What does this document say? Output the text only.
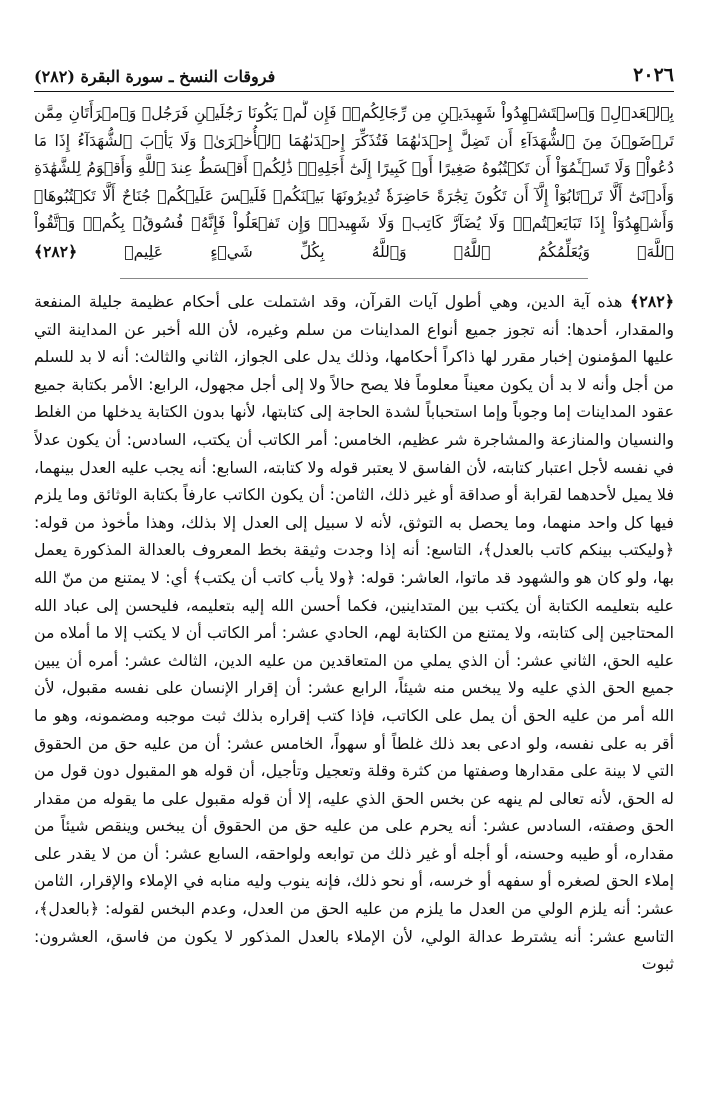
٢٠٢٦
فروقات النسخ ـ سورة البقرة (٢٨٢)
بِٱلۡعَدۡلِۚ وَٱسۡتَشۡهِدُواْ شَهِيدَيۡنِ مِن رِّجَالِكُمۡۖ فَإِن لَّمۡ يَكُونَا رَجُلَيۡنِ فَرَجُلٞ وَٱمۡرَأَتَانِ مِمَّن تَرۡضَوۡنَ مِنَ ٱلشُّهَدَآءِ أَن تَضِلَّ إِحۡدَىٰهُمَا فَتُذَكِّرَ إِحۡدَىٰهُمَا ٱلۡأُخۡرَىٰۚ وَلَا يَأۡبَ ٱلشُّهَدَآءُ إِذَا مَا دُعُواْۚ وَلَا تَسۡـَٔمُوٓاْ أَن تَكۡتُبُوهُ صَغِيرًا أَوۡ كَبِيرًا إِلَىٰٓ أَجَلِهِۦۚ ذَٰلِكُمۡ أَقۡسَطُ عِندَ ٱللَّهِ وَأَقۡوَمُ لِلشَّهَٰدَةِ وَأَدۡنَىٰٓ أَلَّا تَرۡتَابُوٓاْ إِلَّآ أَن تَكُونَ تِجَٰرَةً حَاضِرَةٗ تُدِيرُونَهَا بَيۡنَكُمۡ فَلَيۡسَ عَلَيۡكُمۡ جُنَاحٌ أَلَّا تَكۡتُبُوهَاۗ وَأَشۡهِدُوٓاْ إِذَا تَبَايَعۡتُمۡۚ وَلَا يُضَآرَّ كَاتِبٞ وَلَا شَهِيدٞۚ وَإِن تَفۡعَلُواْ فَإِنَّهُۥ فُسُوقُۢ بِكُمۡۗ وَٱتَّقُواْ ٱللَّهَۖ وَيُعَلِّمُكُمُ ٱللَّهُۗ وَٱللَّهُ بِكُلِّ شَيۡءٍ عَلِيمٞ ﴿٢٨٢﴾
﴿٢٨٢﴾ هذه آية الدين، وهي أطول آيات القرآن، وقد اشتملت على أحكام عظيمة جليلة المنفعة والمقدار، أحدها: أنه تجوز جميع أنواع المداينات من سلم وغيره، لأن الله أخبر عن المداينة التي عليها المؤمنون إخبار مقرر لها ذاكراً أحكامها، وذلك يدل على الجواز، الثاني والثالث: أنه لا بد للسلم من أجل وأنه لا بد أن يكون معيناً معلوماً فلا يصح حالاً ولا إلى أجل مجهول، الرابع: الأمر بكتابة جميع عقود المداينات إما وجوباً وإما استحباباً لشدة الحاجة إلى كتابتها، لأنها بدون الكتابة يدخلها من الغلط والنسيان والمنازعة والمشاجرة شر عظيم، الخامس: أمر الكاتب أن يكتب، السادس: أن يكون عدلاً في نفسه لأجل اعتبار كتابته، لأن الفاسق لا يعتبر قوله ولا كتابته، السابع: أنه يجب عليه العدل بينهما، فلا يميل لأحدهما لقرابة أو صداقة أو غير ذلك، الثامن: أن يكون الكاتب عارفاً بكتابة الوثائق وما يلزم فيها كل واحد منهما، وما يحصل به التوثق، لأنه لا سبيل إلى العدل إلا بذلك، وهذا مأخوذ من قوله: ﴿وليكتب بينكم كاتب بالعدل﴾، التاسع: أنه إذا وجدت وثيقة بخط المعروف بالعدالة المذكورة يعمل بها، ولو كان هو والشهود قد ماتوا، العاشر: قوله: ﴿ولا يأب كاتب أن يكتب﴾ أي: لا يمتنع من منّ الله عليه بتعليمه الكتابة أن يكتب بين المتداينين، فكما أحسن الله إليه بتعليمه، فليحسن إلى عباد الله المحتاجين إلى كتابته، ولا يمتنع من الكتابة لهم، الحادي عشر: أمر الكاتب أن لا يكتب إلا ما أملاه من عليه الحق، الثاني عشر: أن الذي يملي من المتعاقدين من عليه الدين، الثالث عشر: أمره أن يبين جميع الحق الذي عليه ولا يبخس منه شيئاً، الرابع عشر: أن إقرار الإنسان على نفسه مقبول، لأن الله أمر من عليه الحق أن يمل على الكاتب، فإذا كتب إقراره بذلك ثبت موجبه ومضمونه، وهو ما أقر به على نفسه، ولو ادعى بعد ذلك غلطاً أو سهواً، الخامس عشر: أن من عليه حق من الحقوق التي لا بينة على مقدارها وصفتها من كثرة وقلة وتعجيل وتأجيل، أن قوله هو المقبول دون قول من له الحق، لأنه تعالى لم ينهه عن بخس الحق الذي عليه، إلا أن قوله مقبول على ما يقوله من مقدار الحق وصفته، السادس عشر: أنه يحرم على من عليه حق من الحقوق أن يبخس وينقص شيئاً من مقداره، أو طيبه وحسنه، أو أجله أو غير ذلك من توابعه ولواحقه، السابع عشر: أن من لا يقدر على إملاء الحق لصغره أو سفهه أو خرسه، أو نحو ذلك، فإنه ينوب وليه منابه في الإملاء والإقرار، الثامن عشر: أنه يلزم الولي من العدل ما يلزم من عليه الحق من العدل، وعدم البخس لقوله: ﴿بالعدل﴾، التاسع عشر: أنه يشترط عدالة الولي، لأن الإملاء بالعدل المذكور لا يكون من فاسق، العشرون: ثبوت
